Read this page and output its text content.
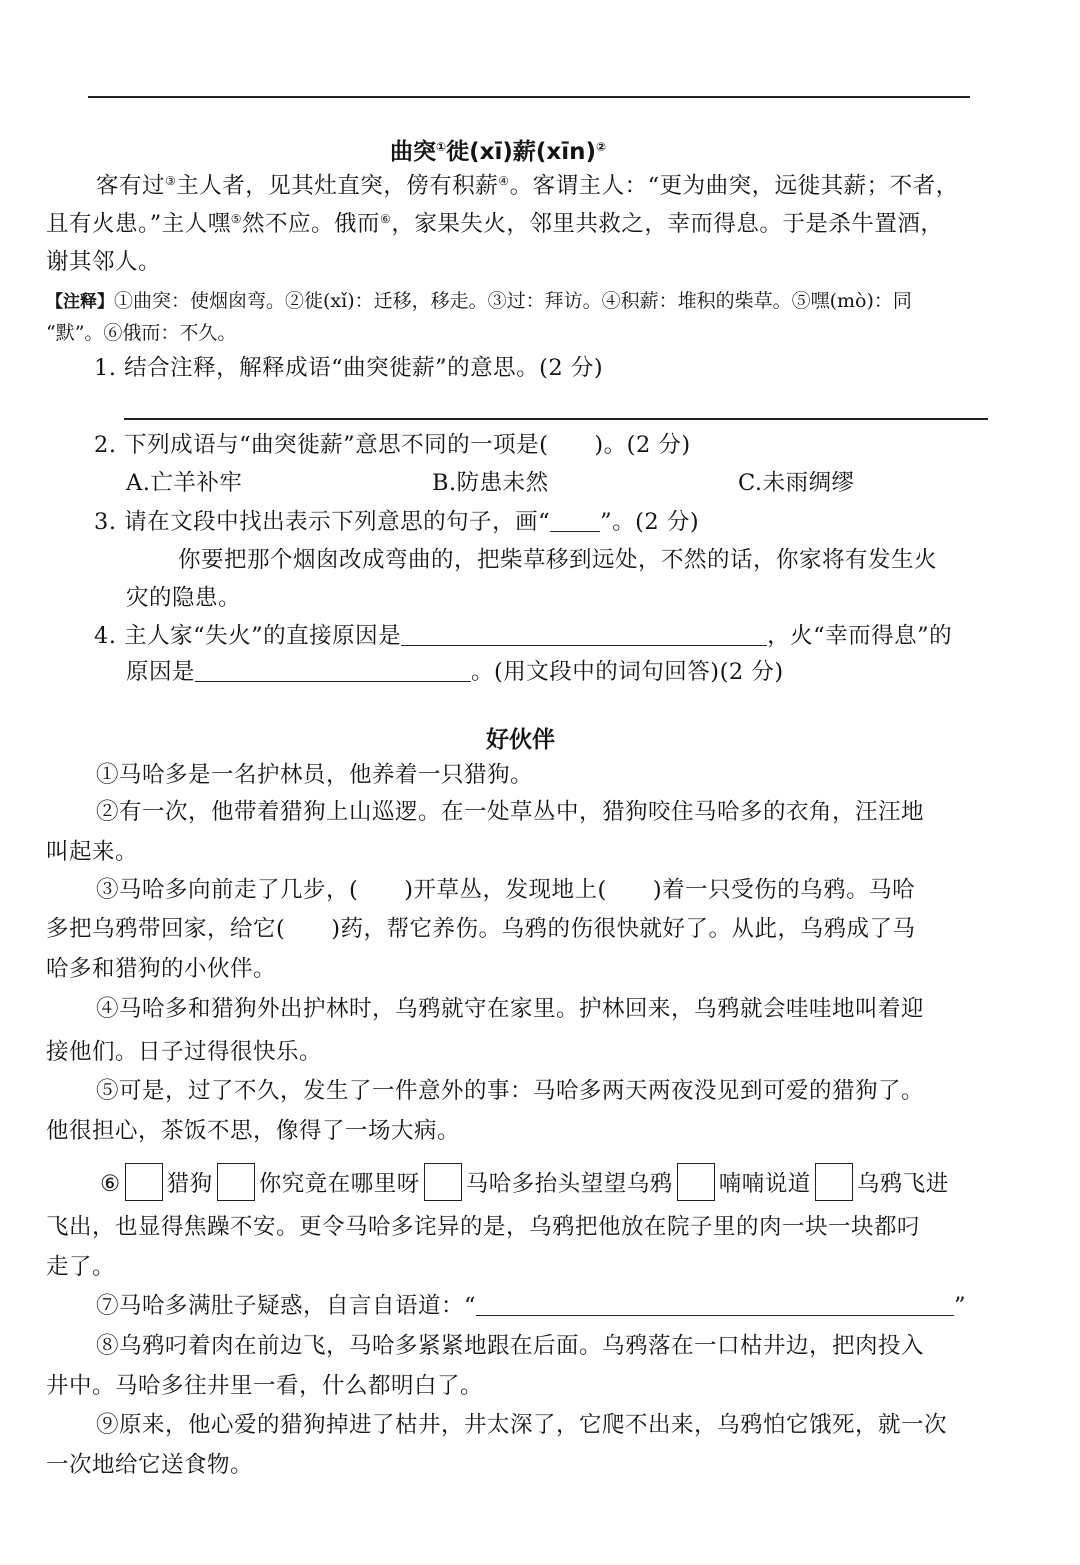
曲突①徙(xī)薪(xīn)②
客有过③主人者，见其灶直突，傍有积薪④。客谓主人：“更为曲突，远徙其薪；不者，
且有火患。”主人嘿⑤然不应。俄而⑥，家果失火，邻里共救之，幸而得息。于是杀牛置酒，
谢其邻人。
【注释】①曲突：使烟囱弯。②徙(xǐ)：迁移，移走。③过：拜访。④积薪：堆积的柴草。⑤嘿(mò)：同
“默”。⑥俄而：不久。
1. 结合注释，解释成语“曲突徙薪”的意思。(2 分)
2. 下列成语与“曲突徙薪”意思不同的一项是(　　)。(2 分)
A.亡羊补牢	B.防患未然	C.未雨绸缪
3. 请在文段中找出表示下列意思的句子，画“ ”。(2 分)
你要把那个烟囱改成弯曲的，把柴草移到远处，不然的话，你家将有发生火
灾的隐患。
4. 主人家“失火”的直接原因是	，火“幸而得息”的
原因是	。(用文段中的词句回答)(2 分)
好伙伴
①马哈多是一名护林员，他养着一只猎狗。
②有一次，他带着猎狗上山巡逻。在一处草丛中，猎狗咬住马哈多的衣角，汪汪地
叫起来。
③马哈多向前走了几步，(　　)开草丛，发现地上(　　)着一只受伤的乌鸦。马哈
多把乌鸦带回家，给它(　　)药，帮它养伤。乌鸦的伤很快就好了。从此，乌鸦成了马
哈多和猎狗的小伙伴。
④马哈多和猎狗外出护林时，乌鸦就守在家里。护林回来，乌鸦就会哇哇地叫着迎
接他们。日子过得很快乐。
⑤可是，过了不久，发生了一件意外的事：马哈多两天两夜没见到可爱的猎狗了。
他很担心，茶饭不思，像得了一场大病。
⑥ 猎狗 你究竟在哪里呀 马哈多抬头望望乌鸦 喃喃说道 乌鸦飞进
飞出，也显得焦躁不安。更令马哈多诧异的是，乌鸦把他放在院子里的肉一块一块都叼
走了。
⑦马哈多满肚子疑惑，自言自语道：“	”
⑧乌鸦叼着肉在前边飞，马哈多紧紧地跟在后面。乌鸦落在一口枯井边，把肉投入
井中。马哈多往井里一看，什么都明白了。
⑨原来，他心爱的猎狗掉进了枯井，井太深了，它爬不出来，乌鸦怕它饿死，就一次
一次地给它送食物。
